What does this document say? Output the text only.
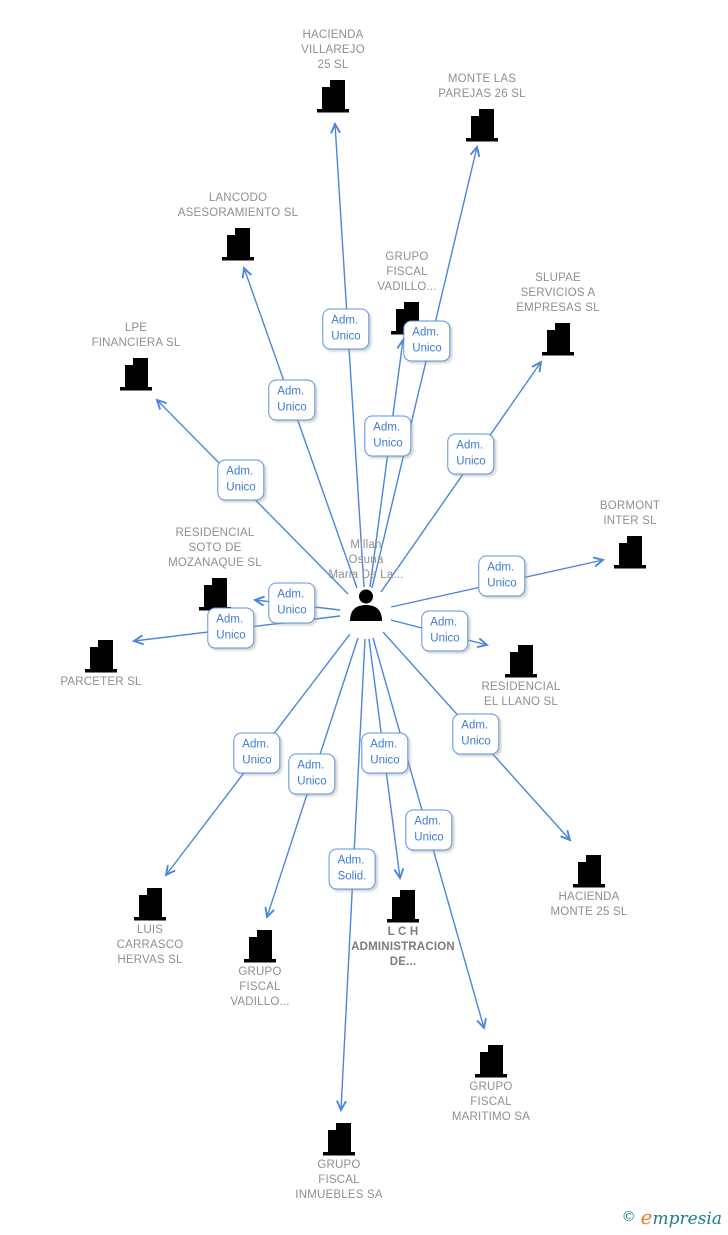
HACIENDA
VILLAREJO
25 SL
MONTE LAS
PAREJAS 26 SL
LANCODO
ASESORAMIENTO SL
GRUPO
FISCAL
VADILLO...
SLUPAE
SERVICIOS A
EMPRESAS SL
LPE
FINANCIERA SL
BORMONT
INTER SL
RESIDENCIAL
SOTO DE
MOZANAQUE SL
PARCETER SL	RESIDENCIAL
EL LLANO SL
HACIENDA
MONTE 25 SL
LUIS
CARRASCO
HERVAS SL
GRUPO
FISCAL
VADILLO...
L C H
ADMINISTRACION
DE...
GRUPO
FISCAL
MARITIMO SA
GRUPO
FISCAL
INMUEBLES SA
Millan
Osuna
Maria De La...
Adm.
Unico	Adm.
Unico
Adm.
Unico
Adm.
Unico	Adm.
Unico
Adm.
Unico
Adm.
Unico
Adm.
Unico
Adm.
Unico
Adm.
Unico
Adm.
Unico
Adm.
Unico
Adm.
Unico	Adm.
Unico
Adm.
Unico
Adm.
Solid.
© empresia
